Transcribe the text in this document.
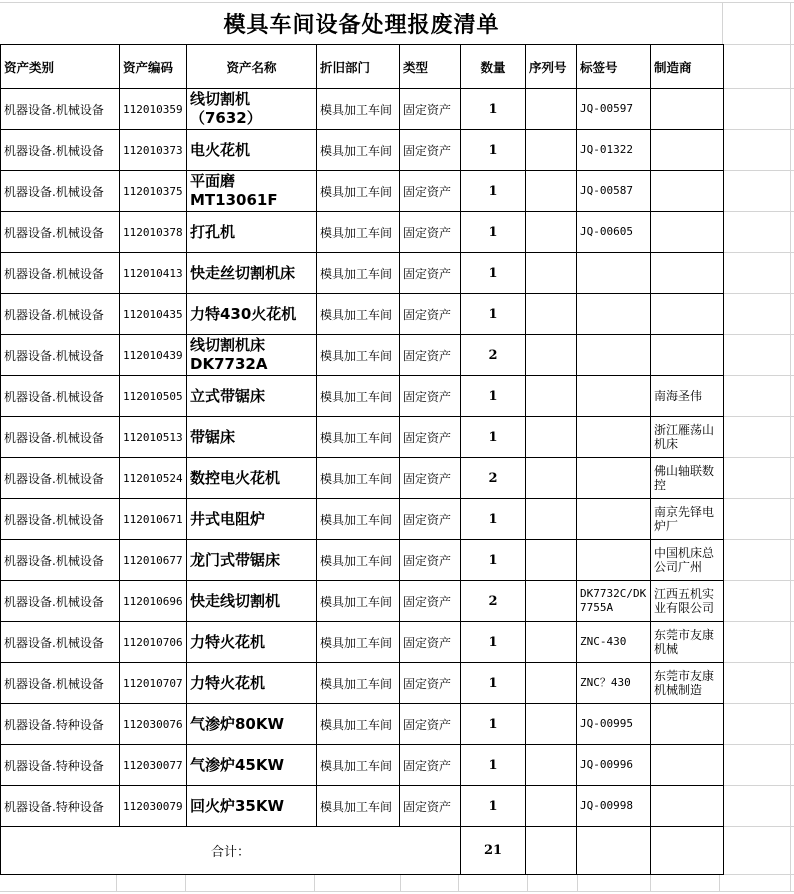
模具车间设备处理报废清单
资产类别	资产编码	资产名称	折旧部门	类型	数量	序列号	标签号	制造商
机器设备.机械设备	112010359	线切割机（7632）	模具加工车间	固定资产	1		JQ-00597	
机器设备.机械设备	112010373	电火花机	模具加工车间	固定资产	1		JQ-01322	
机器设备.机械设备	112010375	平面磨MT13061F	模具加工车间	固定资产	1		JQ-00587	
机器设备.机械设备	112010378	打孔机	模具加工车间	固定资产	1		JQ-00605	
机器设备.机械设备	112010413	快走丝切割机床	模具加工车间	固定资产	1			
机器设备.机械设备	112010435	力特430火花机	模具加工车间	固定资产	1			
机器设备.机械设备	112010439	线切割机床DK7732A	模具加工车间	固定资产	2			
机器设备.机械设备	112010505	立式带锯床	模具加工车间	固定资产	1			南海圣伟
机器设备.机械设备	112010513	带锯床	模具加工车间	固定资产	1			浙江雁荡山机床
机器设备.机械设备	112010524	数控电火花机	模具加工车间	固定资产	2			佛山轴联数控
机器设备.机械设备	112010671	井式电阻炉	模具加工车间	固定资产	1			南京先铎电炉厂
机器设备.机械设备	112010677	龙门式带锯床	模具加工车间	固定资产	1			中国机床总公司广州
机器设备.机械设备	112010696	快走线切割机	模具加工车间	固定资产	2		DK7732C/DK7755A	江西五机实业有限公司
机器设备.机械设备	112010706	力特火花机	模具加工车间	固定资产	1		ZNC-430	东莞市友康机械
机器设备.机械设备	112010707	力特火花机	模具加工车间	固定资产	1		ZNC？430	东莞市友康机械制造
机器设备.特种设备	112030076	气渗炉80KW	模具加工车间	固定资产	1		JQ-00995	
机器设备.特种设备	112030077	气渗炉45KW	模具加工车间	固定资产	1		JQ-00996	
机器设备.特种设备	112030079	回火炉35KW	模具加工车间	固定资产	1		JQ-00998	
合计：					21			
